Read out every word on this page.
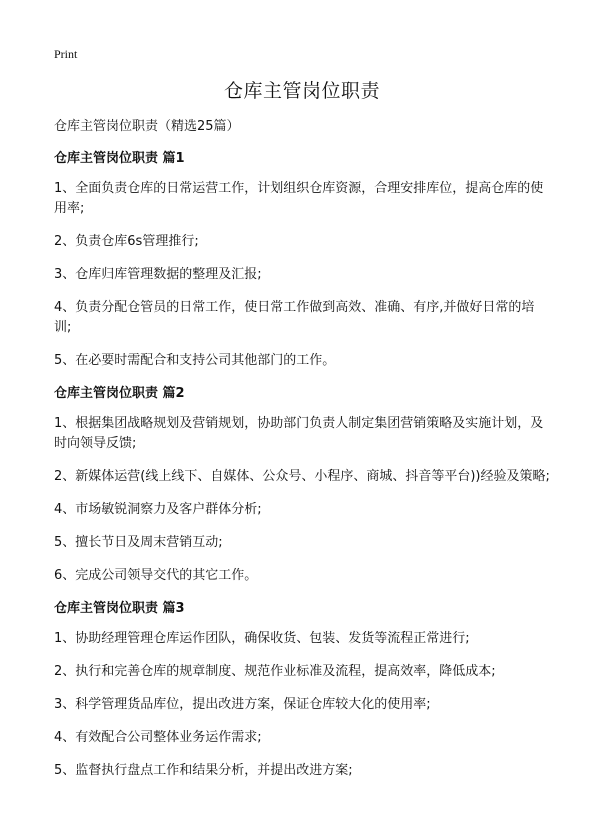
Print
仓库主管岗位职责
仓库主管岗位职责（精选25篇）
仓库主管岗位职责 篇1
1、全面负责仓库的日常运营工作，计划组织仓库资源，合理安排库位，提高仓库的使用率;
2、负责仓库6s管理推行;
3、仓库归库管理数据的整理及汇报;
4、负责分配仓管员的日常工作，使日常工作做到高效、准确、有序,并做好日常的培训;
5、在必要时需配合和支持公司其他部门的工作。
仓库主管岗位职责 篇2
1、根据集团战略规划及营销规划，协助部门负责人制定集团营销策略及实施计划，及时向领导反馈;
2、新媒体运营(线上线下、自媒体、公众号、小程序、商城、抖音等平台))经验及策略;
4、市场敏锐洞察力及客户群体分析;
5、擅长节日及周末营销互动;
6、完成公司领导交代的其它工作。
仓库主管岗位职责 篇3
1、协助经理管理仓库运作团队，确保收货、包装、发货等流程正常进行;
2、执行和完善仓库的规章制度、规范作业标准及流程，提高效率，降低成本;
3、科学管理货品库位，提出改进方案，保证仓库较大化的使用率;
4、有效配合公司整体业务运作需求;
5、监督执行盘点工作和结果分析，并提出改进方案;
